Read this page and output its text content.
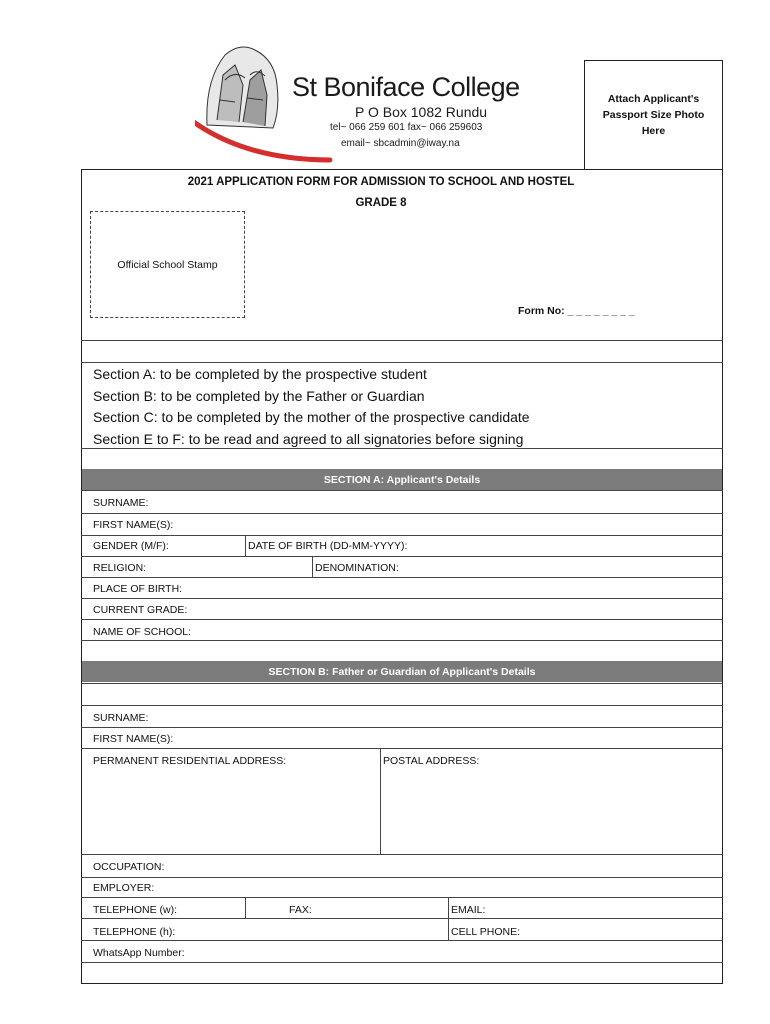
St Boniface College
P O Box 1082 Rundu
tel~ 066 259 601 fax~ 066 259603
email~ sbcadmin@iway.na
Attach Applicant's Passport Size Photo Here
2021 APPLICATION FORM FOR ADMISSION TO SCHOOL AND HOSTEL
GRADE 8
Official School Stamp
Form No: _ _ _ _ _ _ _ _
Section A: to be completed by the prospective student
Section B: to be completed by the Father or Guardian
Section C: to be completed by the mother of the prospective candidate
Section E to F: to be read and agreed to all signatories before signing
SECTION A: Applicant's Details
SURNAME:
FIRST NAME(S):
GENDER (M/F):	DATE OF BIRTH (DD-MM-YYYY):
RELIGION:	DENOMINATION:
PLACE OF BIRTH:
CURRENT GRADE:
NAME OF SCHOOL:
SECTION B: Father or Guardian of Applicant's Details
SURNAME:
FIRST NAME(S):
PERMANENT RESIDENTIAL ADDRESS:	POSTAL ADDRESS:
OCCUPATION:
EMPLOYER:
TELEPHONE (w):	FAX:	EMAIL:
TELEPHONE (h):	CELL PHONE:
WhatsApp Number:
